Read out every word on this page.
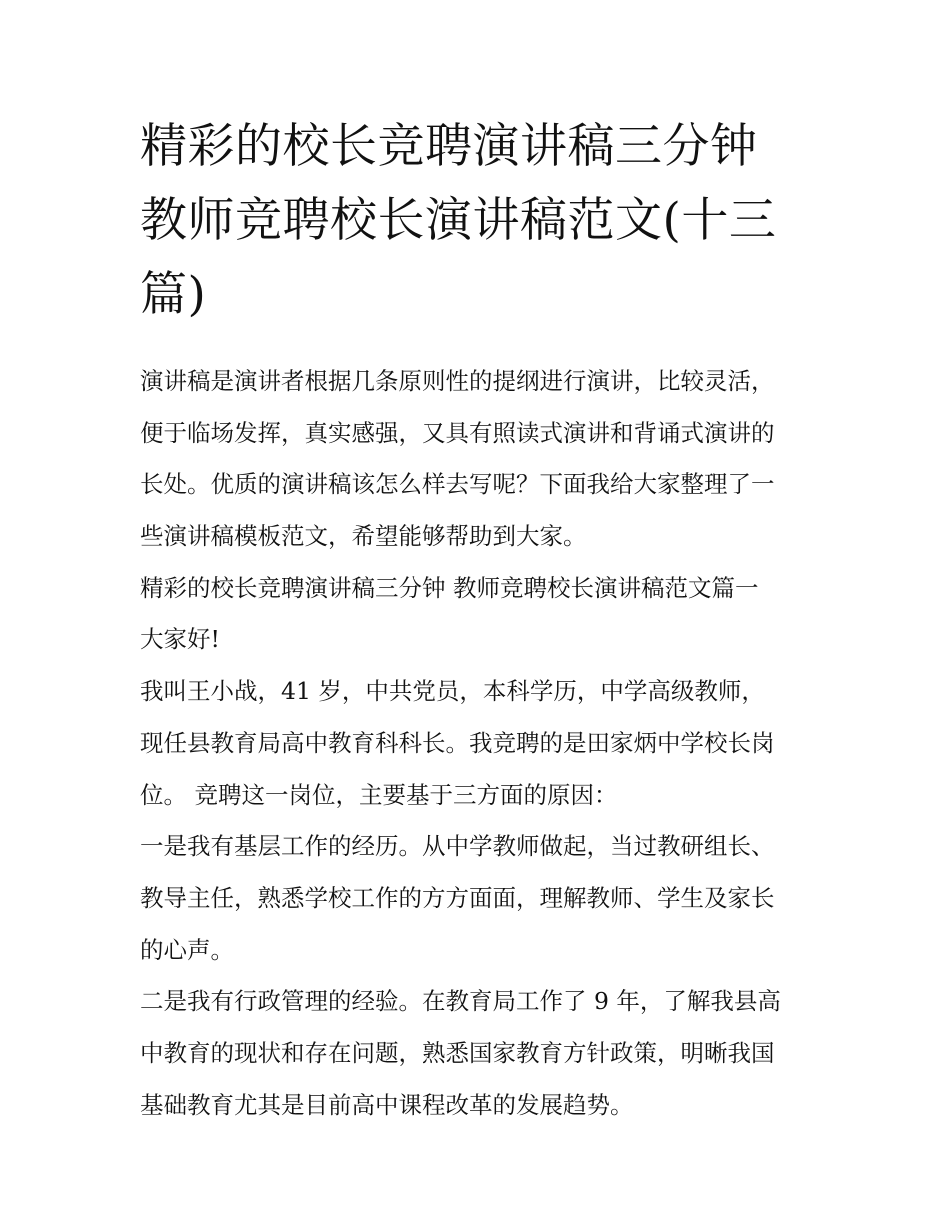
精彩的校长竞聘演讲稿三分钟
教师竞聘校长演讲稿范文(十三
篇)
演讲稿是演讲者根据几条原则性的提纲进行演讲，比较灵活，
便于临场发挥，真实感强，又具有照读式演讲和背诵式演讲的
长处。优质的演讲稿该怎么样去写呢？下面我给大家整理了一
些演讲稿模板范文，希望能够帮助到大家。
精彩的校长竞聘演讲稿三分钟 教师竞聘校长演讲稿范文篇一
大家好!
我叫王小战，41 岁，中共党员，本科学历，中学高级教师，
现任县教育局高中教育科科长。我竞聘的是田家炳中学校长岗
位。 竞聘这一岗位，主要基于三方面的原因：
一是我有基层工作的经历。从中学教师做起，当过教研组长、
教导主任，熟悉学校工作的方方面面，理解教师、学生及家长
的心声。
二是我有行政管理的经验。在教育局工作了 9 年，了解我县高
中教育的现状和存在问题，熟悉国家教育方针政策，明晰我国
基础教育尤其是目前高中课程改革的发展趋势。
